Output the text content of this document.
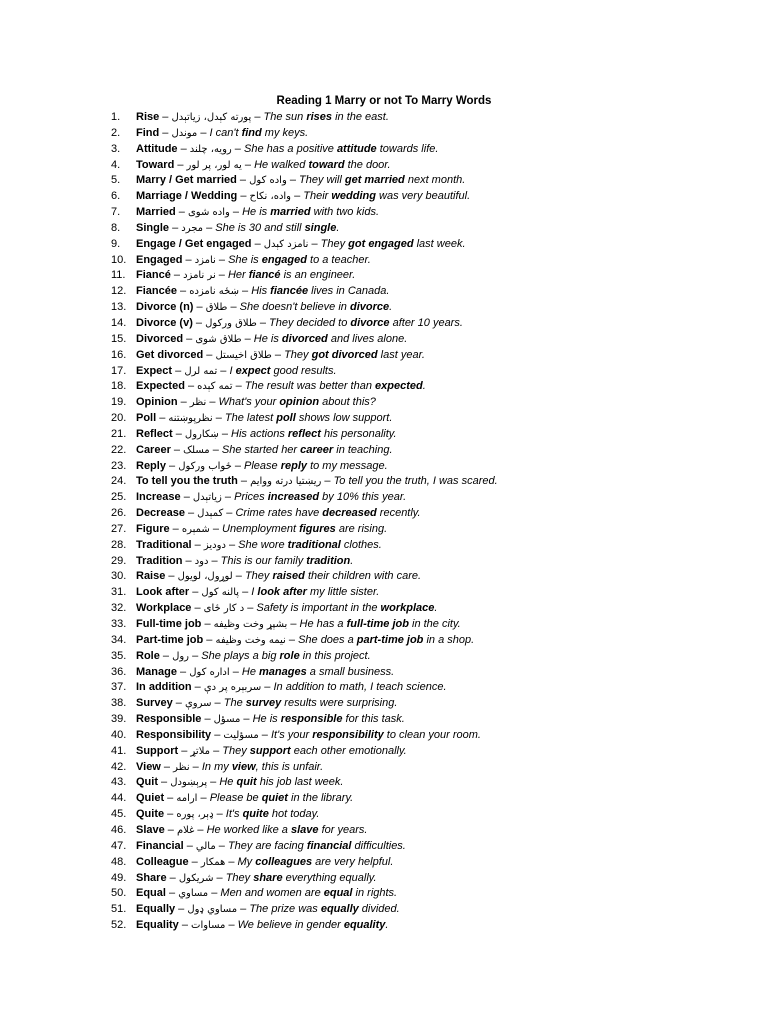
Reading 1 Marry or not To Marry Words
1. Rise – پورته کېدل، زیاتېدل – The sun rises in the east.
2. Find – موندل – I can't find my keys.
3. Attitude – رویه، چلند – She has a positive attitude towards life.
4. Toward – یه لور، پر لور – He walked toward the door.
5. Marry / Get married – واده کول – They will get married next month.
6. Marriage / Wedding – واده، نکاح – Their wedding was very beautiful.
7. Married – واده شوی – He is married with two kids.
8. Single – مجرد – She is 30 and still single.
9. Engage / Get engaged – نامزد کېدل – They got engaged last week.
10. Engaged – نامزد – She is engaged to a teacher.
11. Fiancé – نر نامزد – Her fiancé is an engineer.
12. Fiancée – ښځه نامزده – His fiancée lives in Canada.
13. Divorce (n) – طلاق – She doesn't believe in divorce.
14. Divorce (v) – طلاق ورکول – They decided to divorce after 10 years.
15. Divorced – طلاق شوی – He is divorced and lives alone.
16. Get divorced – طلاق اخیستل – They got divorced last year.
17. Expect – تمه لرل – I expect good results.
18. Expected – تمه کېده – The result was better than expected.
19. Opinion – نظر – What's your opinion about this?
20. Poll – نظرپوښتنه – The latest poll shows low support.
21. Reflect – ښکارول – His actions reflect his personality.
22. Career – مسلک – She started her career in teaching.
23. Reply – ځواب ورکول – Please reply to my message.
24. To tell you the truth – ریښتیا درته ووایم – To tell you the truth, I was scared.
25. Increase – زیاتېدل – Prices increased by 10% this year.
26. Decrease – کمېدل – Crime rates have decreased recently.
27. Figure – شمېره – Unemployment figures are rising.
28. Traditional – دودیز – She wore traditional clothes.
29. Tradition – دود – This is our family tradition.
30. Raise – لوړول، لویول – They raised their children with care.
31. Look after – پالنه کول – I look after my little sister.
32. Workplace – د کار ځای – Safety is important in the workplace.
33. Full-time job – بشپړ وخت وظیفه – He has a full-time job in the city.
34. Part-time job – نیمه وخت وظیفه – She does a part-time job in a shop.
35. Role – رول – She plays a big role in this project.
36. Manage – اداره کول – He manages a small business.
37. In addition – سربېره پر دې – In addition to math, I teach science.
38. Survey – سروې – The survey results were surprising.
39. Responsible – مسؤل – He is responsible for this task.
40. Responsibility – مسؤلیت – It's your responsibility to clean your room.
41. Support – ملاتړ – They support each other emotionally.
42. View – نظر – In my view, this is unfair.
43. Quit – پرېښودل – He quit his job last week.
44. Quiet – ارامه – Please be quiet in the library.
45. Quite – ډېر، پوره – It's quite hot today.
46. Slave – غلام – He worked like a slave for years.
47. Financial – مالي – They are facing financial difficulties.
48. Colleague – همکار – My colleagues are very helpful.
49. Share – شریکول – They share everything equally.
50. Equal – مساوي – Men and women are equal in rights.
51. Equally – مساوي ډول – The prize was equally divided.
52. Equality – مساوات – We believe in gender equality.
